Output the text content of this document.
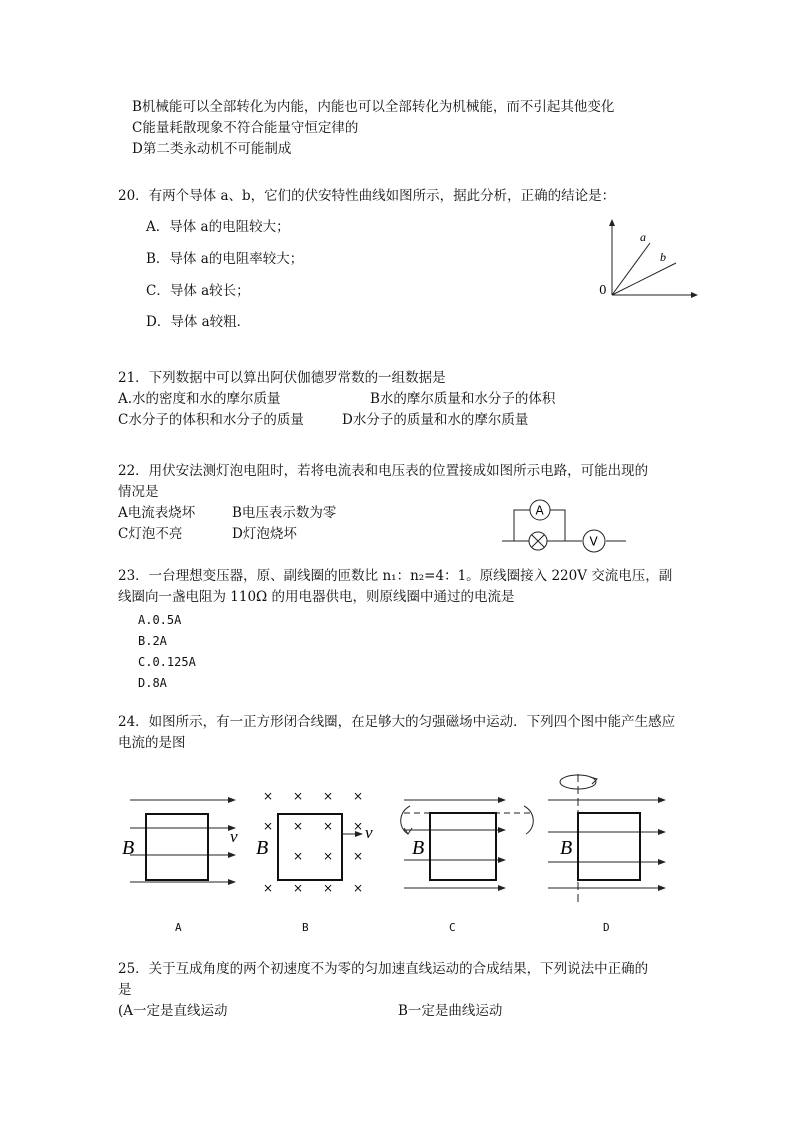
B机械能可以全部转化为内能，内能也可以全部转化为机械能，而不引起其他变化
C能量耗散现象不符合能量守恒定律的
D第二类永动机不可能制成
20．有两个导体 a、b，它们的伏安特性曲线如图所示，据此分析，正确的结论是：
A．导体 a的电阻较大；
B．导体 a的电阻率较大；
C．导体 a较长；
D．导体 a较粗．
0
a
b
21．下列数据中可以算出阿伏伽德罗常数的一组数据是
A.水的密度和水的摩尔质量	B水的摩尔质量和水分子的体积
C水分子的体积和水分子的质量	D水分子的质量和水的摩尔质量
22．用伏安法测灯泡电阻时，若将电流表和电压表的位置接成如图所示电路，可能出现的
情况是
A电流表烧坏	B电压表示数为零
C灯泡不亮	D灯泡烧坏
A
V
23．一台理想变压器，原、副线圈的匝数比 n₁：n₂=4：1。原线圈接入 220V 交流电压，副
线圈向一盏电阻为 110Ω 的用电器供电，则原线圈中通过的电流是
A.0.5A
B.2A
C.0.125A
D.8A
24．如图所示，有一正方形闭合线圈，在足够大的匀强磁场中运动．下列四个图中能产生感应
电流的是图
B
v
× × × ×
× × × ×
× × ×
× × × ×
B
v
B	B
A	B	C	D
25．关于互成角度的两个初速度不为零的匀加速直线运动的合成结果，下列说法中正确的
是
(A一定是直线运动	B一定是曲线运动
